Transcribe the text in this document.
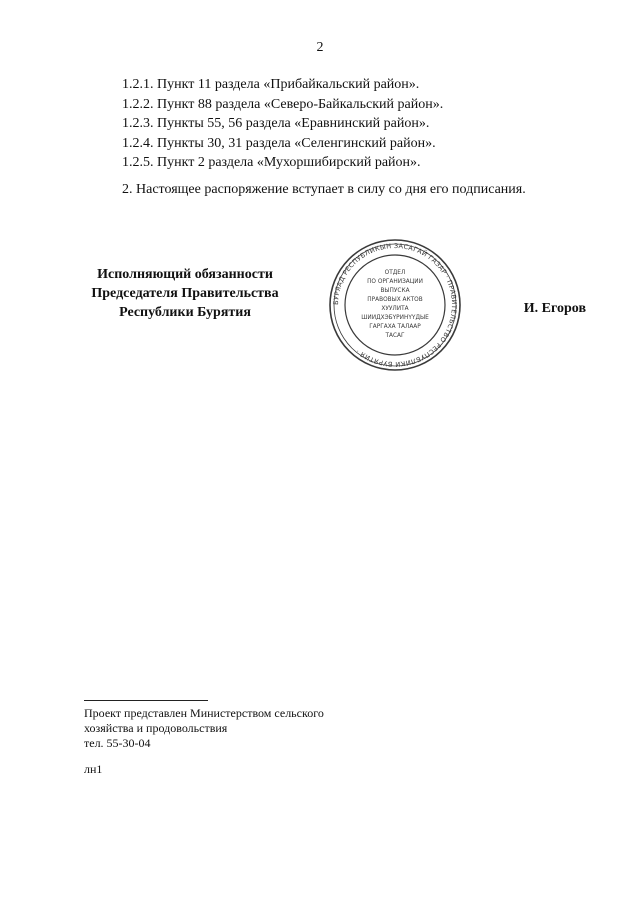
2
1.2.1. Пункт 11 раздела «Прибайкальский район».
1.2.2. Пункт 88 раздела «Северо-Байкальский район».
1.2.3. Пункты 55, 56 раздела «Еравнинский район».
1.2.4. Пункты 30, 31 раздела «Селенгинский район».
1.2.5. Пункт 2 раздела «Мухоршибирский район».
2. Настоящее распоряжение вступает в силу со дня его подписания.
Исполняющий обязанности
Председателя Правительства
Республики Бурятия
БУРЯАД РЕСПУБЛИКЫН ЗАСАГАЙ ГАЗАР · ПРАВИТЕЛЬСТВО РЕСПУБЛИКИ БУРЯТИЯ ·
ОТДЕЛ
ПО ОРГАНИЗАЦИИ
ВЫПУСКА
ПРАВОВЫХ АКТОВ
ХУУЛИТА
ШИИДХЭБҮРИНҮҮДЫЕ
ГАРГАХА ТАЛААР
ТАСАГ
И. Егоров
Проект представлен Министерством сельского
хозяйства и продовольствия
тел. 55-30-04
лн1
